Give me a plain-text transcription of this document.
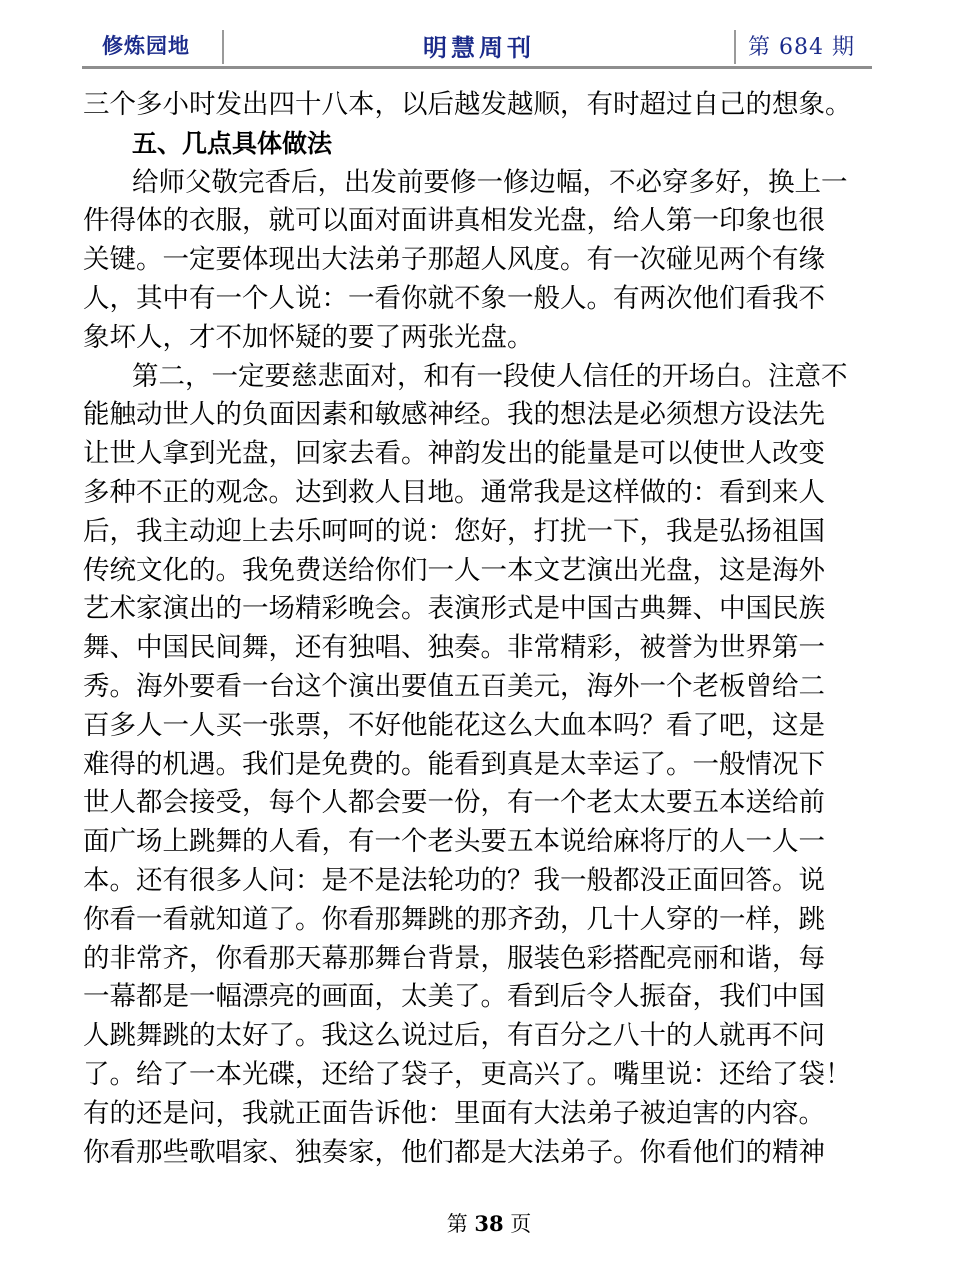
修炼园地	明慧周刊	第 684 期
三个多小时发出四十八本，以后越发越顺，有时超过自己的想象。
五、几点具体做法
给师父敬完香后，出发前要修一修边幅，不必穿多好，换上一
件得体的衣服，就可以面对面讲真相发光盘，给人第一印象也很
关键。一定要体现出大法弟子那超人风度。有一次碰见两个有缘
人，其中有一个人说：一看你就不象一般人。有两次他们看我不
象坏人，才不加怀疑的要了两张光盘。
第二，一定要慈悲面对，和有一段使人信任的开场白。注意不
能触动世人的负面因素和敏感神经。我的想法是必须想方设法先
让世人拿到光盘，回家去看。神韵发出的能量是可以使世人改变
多种不正的观念。达到救人目地。通常我是这样做的：看到来人
后，我主动迎上去乐呵呵的说：您好，打扰一下，我是弘扬祖国
传统文化的。我免费送给你们一人一本文艺演出光盘，这是海外
艺术家演出的一场精彩晚会。表演形式是中国古典舞、中国民族
舞、中国民间舞，还有独唱、独奏。非常精彩，被誉为世界第一
秀。海外要看一台这个演出要值五百美元，海外一个老板曾给二
百多人一人买一张票，不好他能花这么大血本吗？看了吧，这是
难得的机遇。我们是免费的。能看到真是太幸运了。一般情况下
世人都会接受，每个人都会要一份，有一个老太太要五本送给前
面广场上跳舞的人看，有一个老头要五本说给麻将厅的人一人一
本。还有很多人问：是不是法轮功的？我一般都没正面回答。说
你看一看就知道了。你看那舞跳的那齐劲，几十人穿的一样，跳
的非常齐，你看那天幕那舞台背景，服装色彩搭配亮丽和谐，每
一幕都是一幅漂亮的画面，太美了。看到后令人振奋，我们中国
人跳舞跳的太好了。我这么说过后，有百分之八十的人就再不问
了。给了一本光碟，还给了袋子，更高兴了。嘴里说：还给了袋！
有的还是问，我就正面告诉他：里面有大法弟子被迫害的内容。
你看那些歌唱家、独奏家，他们都是大法弟子。你看他们的精神
第 38 页
